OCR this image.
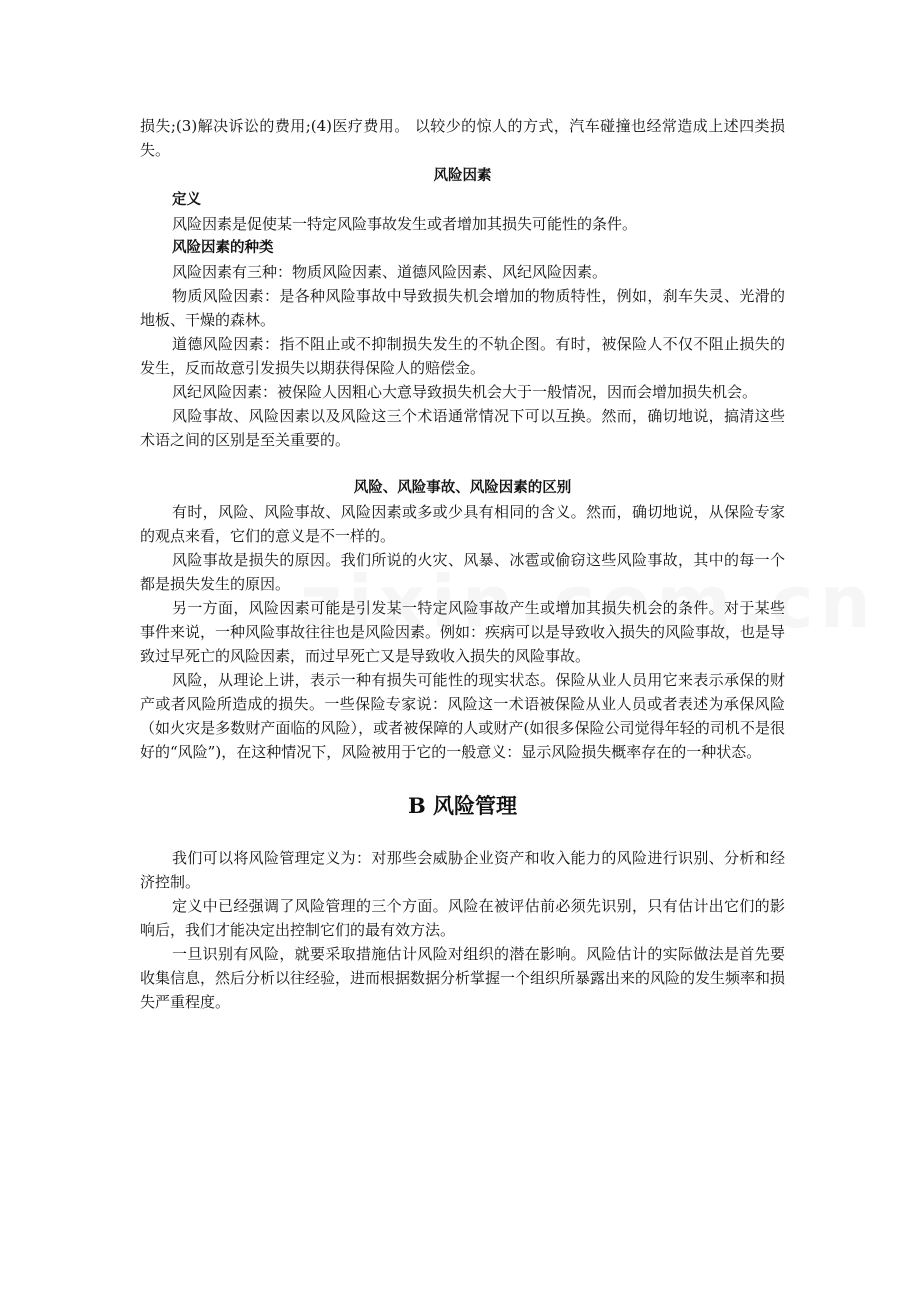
损失;(3)解决诉讼的费用;(4)医疗费用。 以较少的惊人的方式，汽车碰撞也经常造成上述四类损失。

风险因素

定义

风险因素是促使某一特定风险事故发生或者增加其损失可能性的条件。

风险因素的种类

风险因素有三种：物质风险因素、道德风险因素、风纪风险因素。

物质风险因素：是各种风险事故中导致损失机会增加的物质特性，例如，刹车失灵、光滑的地板、干燥的森林。

道德风险因素：指不阻止或不抑制损失发生的不轨企图。有时，被保险人不仅不阻止损失的发生，反而故意引发损失以期获得保险人的赔偿金。

风纪风险因素：被保险人因粗心大意导致损失机会大于一般情况，因而会增加损失机会。

风险事故、风险因素以及风险这三个术语通常情况下可以互换。然而，确切地说，搞清这些术语之间的区别是至关重要的。

风险、风险事故、风险因素的区别

有时，风险、风险事故、风险因素或多或少具有相同的含义。然而，确切地说，从保险专家的观点来看，它们的意义是不一样的。

风险事故是损失的原因。我们所说的火灾、风暴、冰雹或偷窃这些风险事故，其中的每一个都是损失发生的原因。

另一方面，风险因素可能是引发某一特定风险事故产生或增加其损失机会的条件。对于某些事件来说，一种风险事故往往也是风险因素。例如：疾病可以是导致收入损失的风险事故，也是导致过早死亡的风险因素，而过早死亡又是导致收入损失的风险事故。

风险，从理论上讲，表示一种有损失可能性的现实状态。保险从业人员用它来表示承保的财产或者风险所造成的损失。一些保险专家说：风险这一术语被保险从业人员或者表述为承保风险（如火灾是多数财产面临的风险），或者被保障的人或财产(如很多保险公司觉得年轻的司机不是很好的“风险”)，在这种情况下，风险被用于它的一般意义：显示风险损失概率存在的一种状态。

B 风险管理

我们可以将风险管理定义为：对那些会威胁企业资产和收入能力的风险进行识别、分析和经济控制。

定义中已经强调了风险管理的三个方面。风险在被评估前必须先识别，只有估计出它们的影响后，我们才能决定出控制它们的最有效方法。

一旦识别有风险，就要采取措施估计风险对组织的潜在影响。风险估计的实际做法是首先要收集信息，然后分析以往经验，进而根据数据分析掌握一个组织所暴露出来的风险的发生频率和损失严重程度。
